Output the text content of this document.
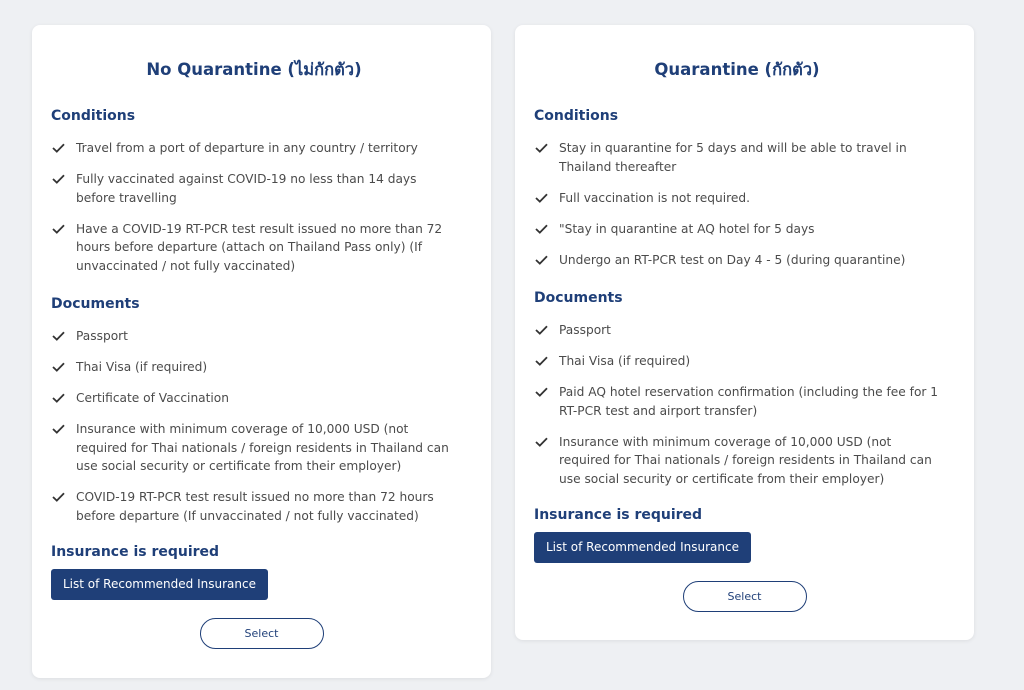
No Quarantine (ไม่กักตัว)
Conditions
Travel from a port of departure in any country / territory
Fully vaccinated against COVID-19 no less than 14 days before travelling
Have a COVID-19 RT-PCR test result issued no more than 72 hours before departure (attach on Thailand Pass only) (If unvaccinated / not fully vaccinated)
Documents
Passport
Thai Visa (if required)
Certificate of Vaccination
Insurance with minimum coverage of 10,000 USD (not required for Thai nationals / foreign residents in Thailand can use social security or certificate from their employer)
COVID-19 RT-PCR test result issued no more than 72 hours before departure (If unvaccinated / not fully vaccinated)
Insurance is required
List of Recommended Insurance
Select
Quarantine (กักตัว)
Conditions
Stay in quarantine for 5 days and will be able to travel in Thailand thereafter
Full vaccination is not required.
"Stay in quarantine at AQ hotel for 5 days
Undergo an RT-PCR test on Day 4 - 5 (during quarantine)
Documents
Passport
Thai Visa (if required)
Paid AQ hotel reservation confirmation (including the fee for 1 RT-PCR test and airport transfer)
Insurance with minimum coverage of 10,000 USD (not required for Thai nationals / foreign residents in Thailand can use social security or certificate from their employer)
Insurance is required
List of Recommended Insurance
Select
